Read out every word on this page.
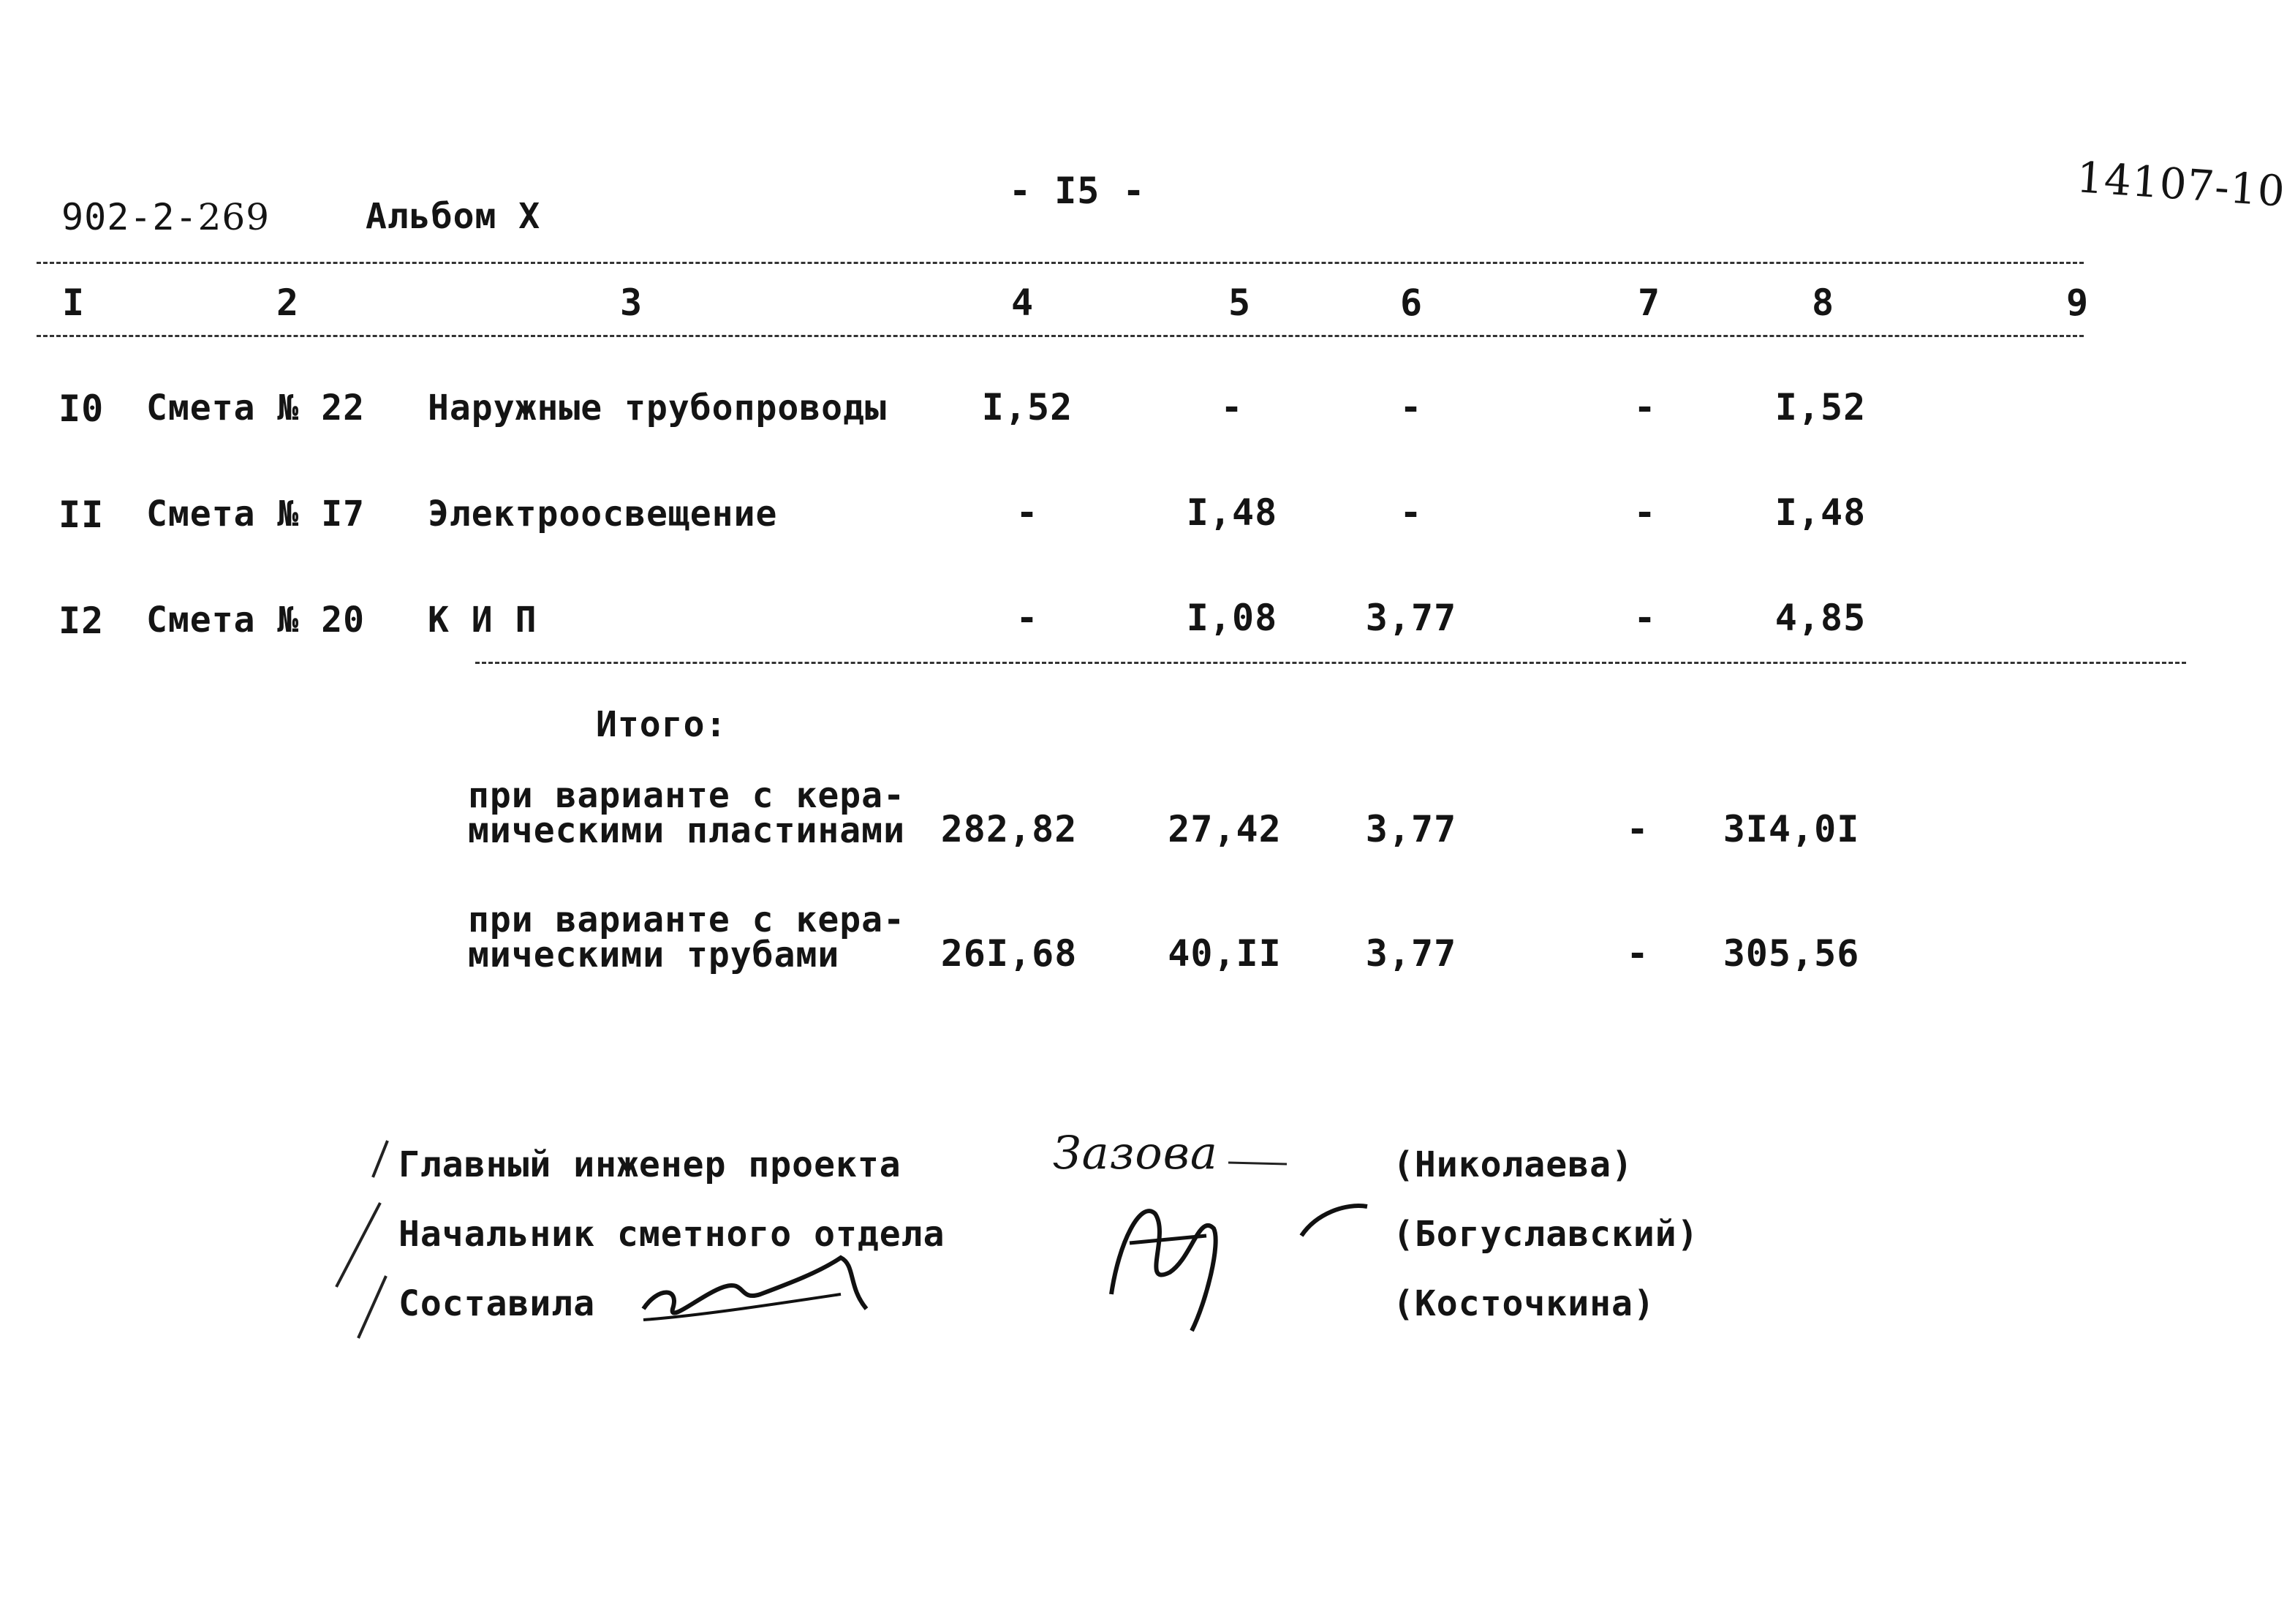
902-2-269	Альбом Х
- I5 -	14107-10
I	2	3	4	5	6	7	8	9
I0 Смета № 22 Наружные трубопроводы	I,52	-	-	-	I,52
II Смета № I7 Электроосвещение	-	I,48	-	-	I,48
I2 Смета № 20 К И П	-	I,08	3,77	-	4,85
Итого:
при варианте с кера-
мическими пластинами 282,82	27,42	3,77	-	3I4,0I
при варианте с кера-
мическими трубами	26I,68	40,II	3,77	-	305,56
Главный инженер проекта	Зазова	(Николаева)
Начальник сметного отдела	(Богуславский)
Составила	(Косточкина)
